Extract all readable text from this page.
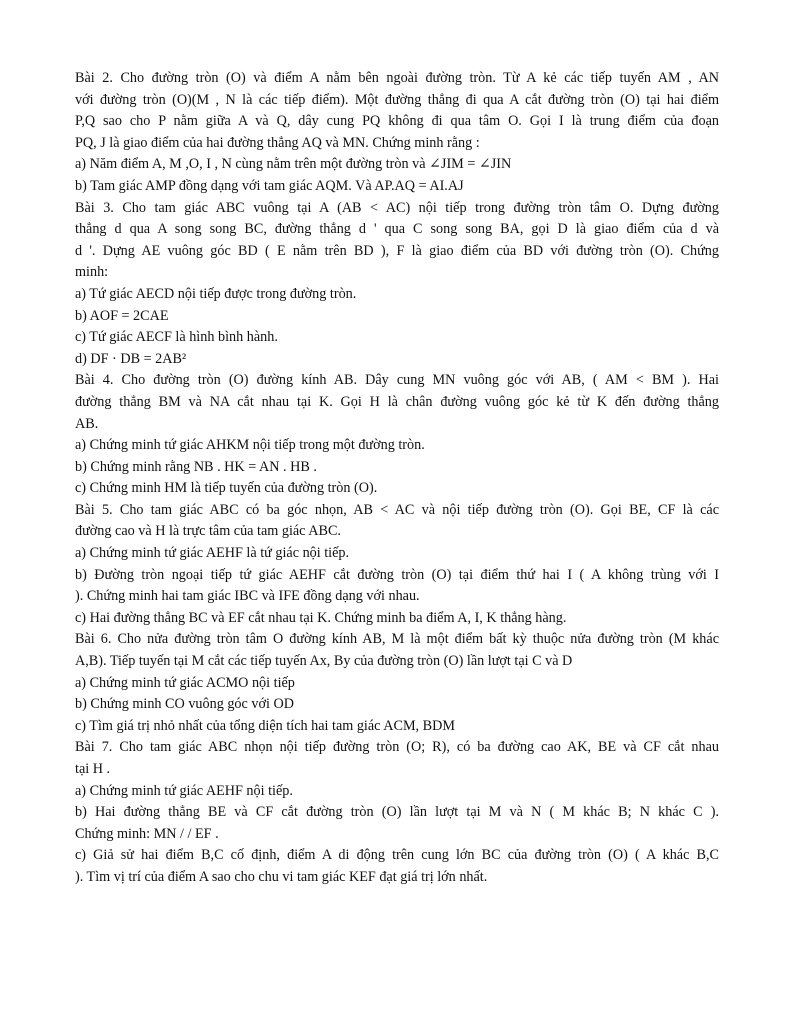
Bài 2. Cho đường tròn (O) và điểm A nằm bên ngoài đường tròn. Từ A kẻ các tiếp tuyến AM , AN
với đường tròn (O)(M , N là các tiếp điểm). Một đường thẳng đi qua A cắt đường tròn (O) tại hai điểm
P,Q sao cho P nằm giữa A và Q, dây cung PQ không đi qua tâm O. Gọi I là trung điểm của đoạn
PQ, J là giao điểm của hai đường thẳng AQ và MN. Chứng minh rằng :
a) Năm điểm A, M ,O, I , N cùng nằm trên một đường tròn và ∠JIM = ∠JIN
b) Tam giác AMP đồng dạng với tam giác AQM. Và AP.AQ = AI.AJ
Bài 3. Cho tam giác ABC vuông tại A (AB < AC) nội tiếp trong đường tròn tâm O. Dựng đường
thẳng d qua A song song BC, đường thẳng d ' qua C song song BA, gọi D là giao điểm của d và
d '. Dựng AE vuông góc BD ( E nằm trên BD ), F là giao điểm của BD với đường tròn (O). Chứng
minh:
a) Tứ giác AECD nội tiếp được trong đường tròn.
b) AOF = 2CAE
c) Tứ giác AECF là hình bình hành.
d) DF · DB = 2AB²
Bài 4. Cho đường tròn (O) đường kính AB. Dây cung MN vuông góc với AB, ( AM < BM ). Hai
đường thẳng BM và NA cắt nhau tại K. Gọi H là chân đường vuông góc kẻ từ K đến đường thẳng
AB.
a) Chứng minh tứ giác AHKM nội tiếp trong một đường tròn.
b) Chứng minh rằng NB . HK = AN . HB .
c) Chứng minh HM là tiếp tuyến của đường tròn (O).
Bài 5. Cho tam giác ABC có ba góc nhọn, AB < AC và nội tiếp đường tròn (O). Gọi BE, CF là các
đường cao và H là trực tâm của tam giác ABC.
a) Chứng minh tứ giác AEHF là tứ giác nội tiếp.
b) Đường tròn ngoại tiếp tứ giác AEHF cắt đường tròn (O) tại điểm thứ hai I ( A không trùng với I
). Chứng minh hai tam giác IBC và IFE đồng dạng với nhau.
c) Hai đường thẳng BC và EF cắt nhau tại K. Chứng minh ba điểm A, I, K thẳng hàng.
Bài 6. Cho nửa đường tròn tâm O đường kính AB, M là một điểm bất kỳ thuộc nửa đường tròn (M khác
A,B). Tiếp tuyến tại M cắt các tiếp tuyến Ax, By của đường tròn (O) lần lượt tại C và D
a) Chứng minh tứ giác ACMO nội tiếp
b) Chứng minh CO vuông góc với OD
c) Tìm giá trị nhỏ nhất của tổng diện tích hai tam giác ACM, BDM
Bài 7. Cho tam giác ABC nhọn nội tiếp đường tròn (O; R), có ba đường cao AK, BE và CF cắt nhau
tại H .
a) Chứng minh tứ giác AEHF nội tiếp.
b) Hai đường thẳng BE và CF cắt đường tròn (O) lần lượt tại M và N ( M khác B; N khác C ).
Chứng minh: MN / / EF .
c) Giả sử hai điểm B,C cố định, điểm A di động trên cung lớn BC của đường tròn (O) ( A khác B,C
). Tìm vị trí của điểm A sao cho chu vi tam giác KEF đạt giá trị lớn nhất.
